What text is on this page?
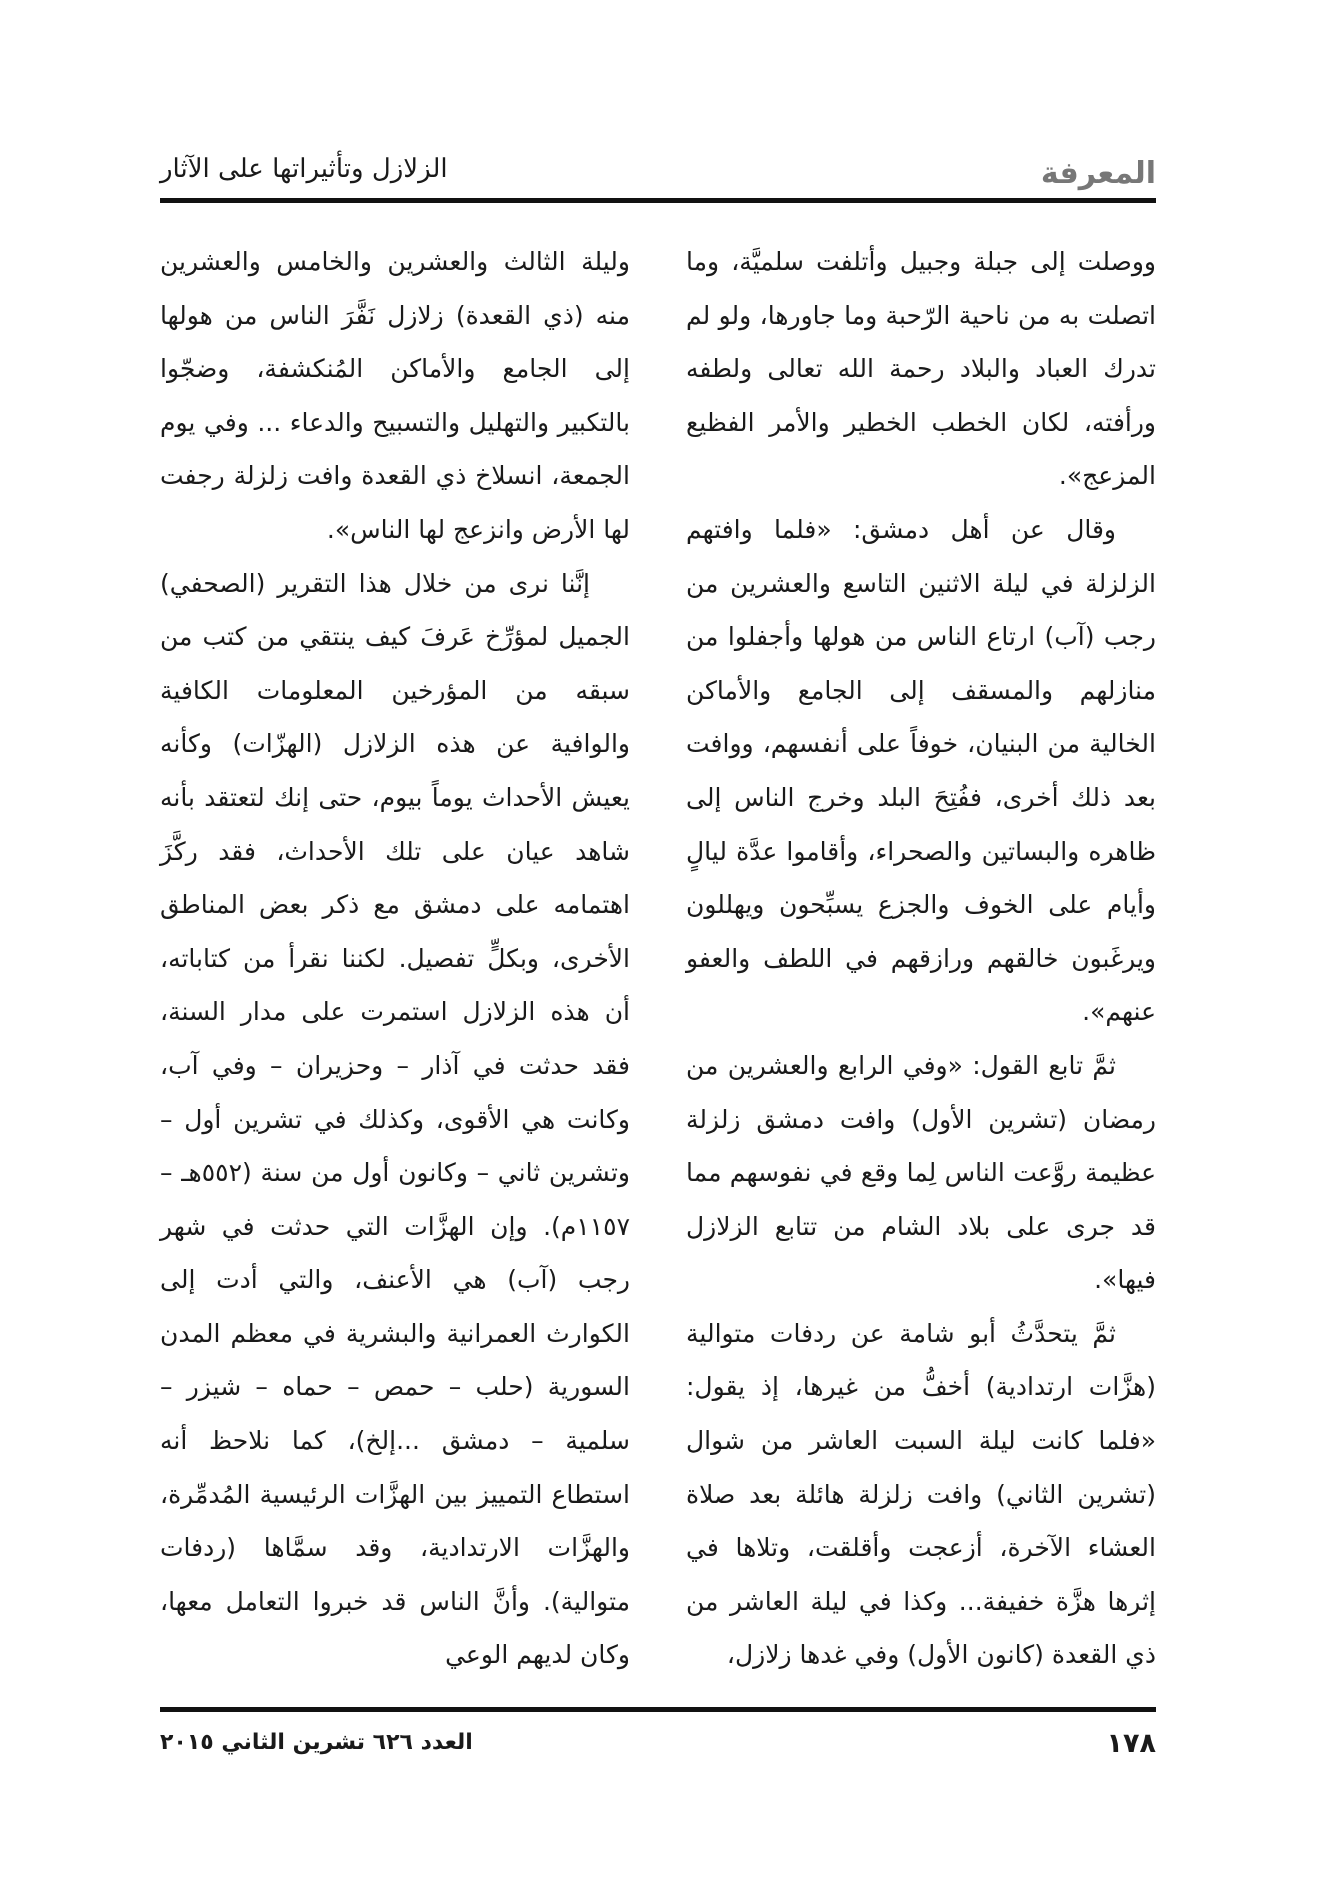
المعرفة
الزلازل وتأثيراتها على الآثار

ووصلت إلى جبلة وجبيل وأتلفت سلميَّة، وما اتصلت به من ناحية الرّحبة وما جاورها، ولو لم تدرك العباد والبلاد رحمة الله تعالى ولطفه ورأفته، لكان الخطب الخطير والأمر الفظيع المزعج».

وقال عن أهل دمشق: «فلما وافتهم الزلزلة في ليلة الاثنين التاسع والعشرين من رجب (آب) ارتاع الناس من هولها وأجفلوا من منازلهم والمسقف إلى الجامع والأماكن الخالية من البنيان، خوفاً على أنفسهم، ووافت بعد ذلك أخرى، ففُتِحَ البلد وخرج الناس إلى ظاهره والبساتين والصحراء، وأقاموا عدَّة ليالٍ وأيام على الخوف والجزع يسبِّحون ويهللون ويرغَبون خالقهم ورازقهم في اللطف والعفو عنهم».

ثمَّ تابع القول: «وفي الرابع والعشرين من رمضان (تشرين الأول) وافت دمشق زلزلة عظيمة روَّعت الناس لِما وقع في نفوسهم مما قد جرى على بلاد الشام من تتابع الزلازل فيها».

ثمَّ يتحدَّثُ أبو شامة عن ردفات متوالية (هزَّات ارتدادية) أخفُّ من غيرها، إذ يقول: «فلما كانت ليلة السبت العاشر من شوال (تشرين الثاني) وافت زلزلة هائلة بعد صلاة العشاء الآخرة، أزعجت وأقلقت، وتلاها في إثرها هزَّة خفيفة... وكذا في ليلة العاشر من ذي القعدة (كانون الأول) وفي غدها زلازل،

وليلة الثالث والعشرين والخامس والعشرين منه (ذي القعدة) زلازل نَفَّرَ الناس من هولها إلى الجامع والأماكن المُنكشفة، وضجّوا بالتكبير والتهليل والتسبيح والدعاء ... وفي يوم الجمعة، انسلاخ ذي القعدة وافت زلزلة رجفت لها الأرض وانزعج لها الناس».

إنَّنا نرى من خلال هذا التقرير (الصحفي) الجميل لمؤرِّخ عَرفَ كيف ينتقي من كتب من سبقه من المؤرخين المعلومات الكافية والوافية عن هذه الزلازل (الهزّات) وكأنه يعيش الأحداث يوماً بيوم، حتى إنك لتعتقد بأنه شاهد عيان على تلك الأحداث، فقد ركَّزَ اهتمامه على دمشق مع ذكر بعض المناطق الأخرى، وبكلٍّ تفصيل. لكننا نقرأ من كتاباته، أن هذه الزلازل استمرت على مدار السنة، فقد حدثت في آذار – وحزيران – وفي آب، وكانت هي الأقوى، وكذلك في تشرين أول – وتشرين ثاني – وكانون أول من سنة (٥٥٢هـ – ١١٥٧م). وإن الهزَّات التي حدثت في شهر رجب (آب) هي الأعنف، والتي أدت إلى الكوارث العمرانية والبشرية في معظم المدن السورية (حلب – حمص – حماه – شيزر – سلمية – دمشق ...إلخ)، كما نلاحظ أنه استطاع التمييز بين الهزَّات الرئيسية المُدمِّرة، والهزَّات الارتدادية، وقد سمَّاها (ردفات متوالية). وأنَّ الناس قد خبروا التعامل معها، وكان لديهم الوعي

١٧٨
العدد ٦٢٦ تشرين الثاني ٢٠١٥
